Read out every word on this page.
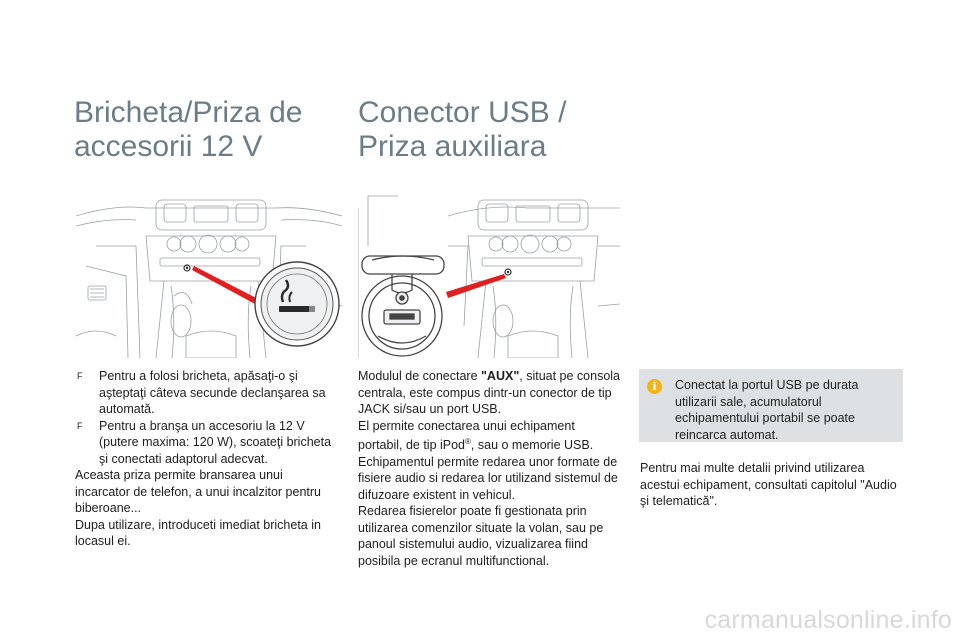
Bricheta/Priza de
accesorii 12 V
Conector USB /
Priza auxiliara
F	Pentru a folosi bricheta, apăsaţi-o şi aşteptaţi câteva secunde declanşarea sa automată.
F	Pentru a branşa un accesoriu la 12 V (putere maxima: 120 W), scoateţi bricheta şi conectati adaptorul adecvat.

Aceasta priza permite bransarea unui incarcator de telefon, a unui incalzitor pentru biberoane...

Dupa utilizare, introduceti imediat bricheta in locasul ei.

Modulul de conectare "AUX", situat pe consola centrala, este compus dintr-un conector de tip JACK si/sau un port USB.

El permite conectarea unui echipament portabil, de tip iPod®, sau o memorie USB.

Echipamentul permite redarea unor formate de fisiere audio si redarea lor utilizand sistemul de difuzoare existent in vehicul.

Redarea fisierelor poate fi gestionata prin utilizarea comenzilor situate la volan, sau pe panoul sistemului audio, vizualizarea fiind posibila pe ecranul multifunctional.

i	Conectat la portul USB pe durata utilizarii sale, acumulatorul echipamentului portabil se poate reincarca automat.
Pentru mai multe detalii privind utilizarea acestui echipament, consultati capitolul "Audio şi telematică".
carmanualsonline.info
